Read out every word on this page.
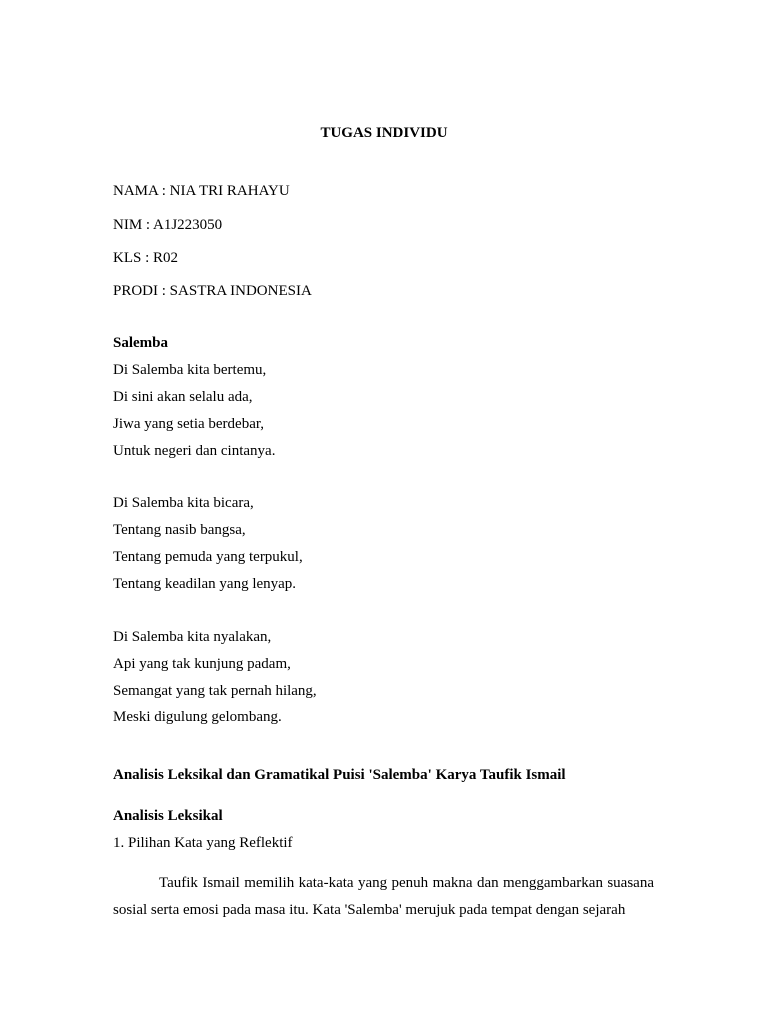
TUGAS INDIVIDU
NAMA : NIA TRI RAHAYU
NIM : A1J223050
KLS : R02
PRODI : SASTRA INDONESIA
Salemba
Di Salemba kita bertemu,
Di sini akan selalu ada,
Jiwa yang setia berdebar,
Untuk negeri dan cintanya.
Di Salemba kita bicara,
Tentang nasib bangsa,
Tentang pemuda yang terpukul,
Tentang keadilan yang lenyap.
Di Salemba kita nyalakan,
Api yang tak kunjung padam,
Semangat yang tak pernah hilang,
Meski digulung gelombang.
Analisis Leksikal dan Gramatikal Puisi 'Salemba' Karya Taufik Ismail
Analisis Leksikal
1. Pilihan Kata yang Reflektif
Taufik Ismail memilih kata-kata yang penuh makna dan menggambarkan suasana sosial serta emosi pada masa itu. Kata 'Salemba' merujuk pada tempat dengan sejarah
